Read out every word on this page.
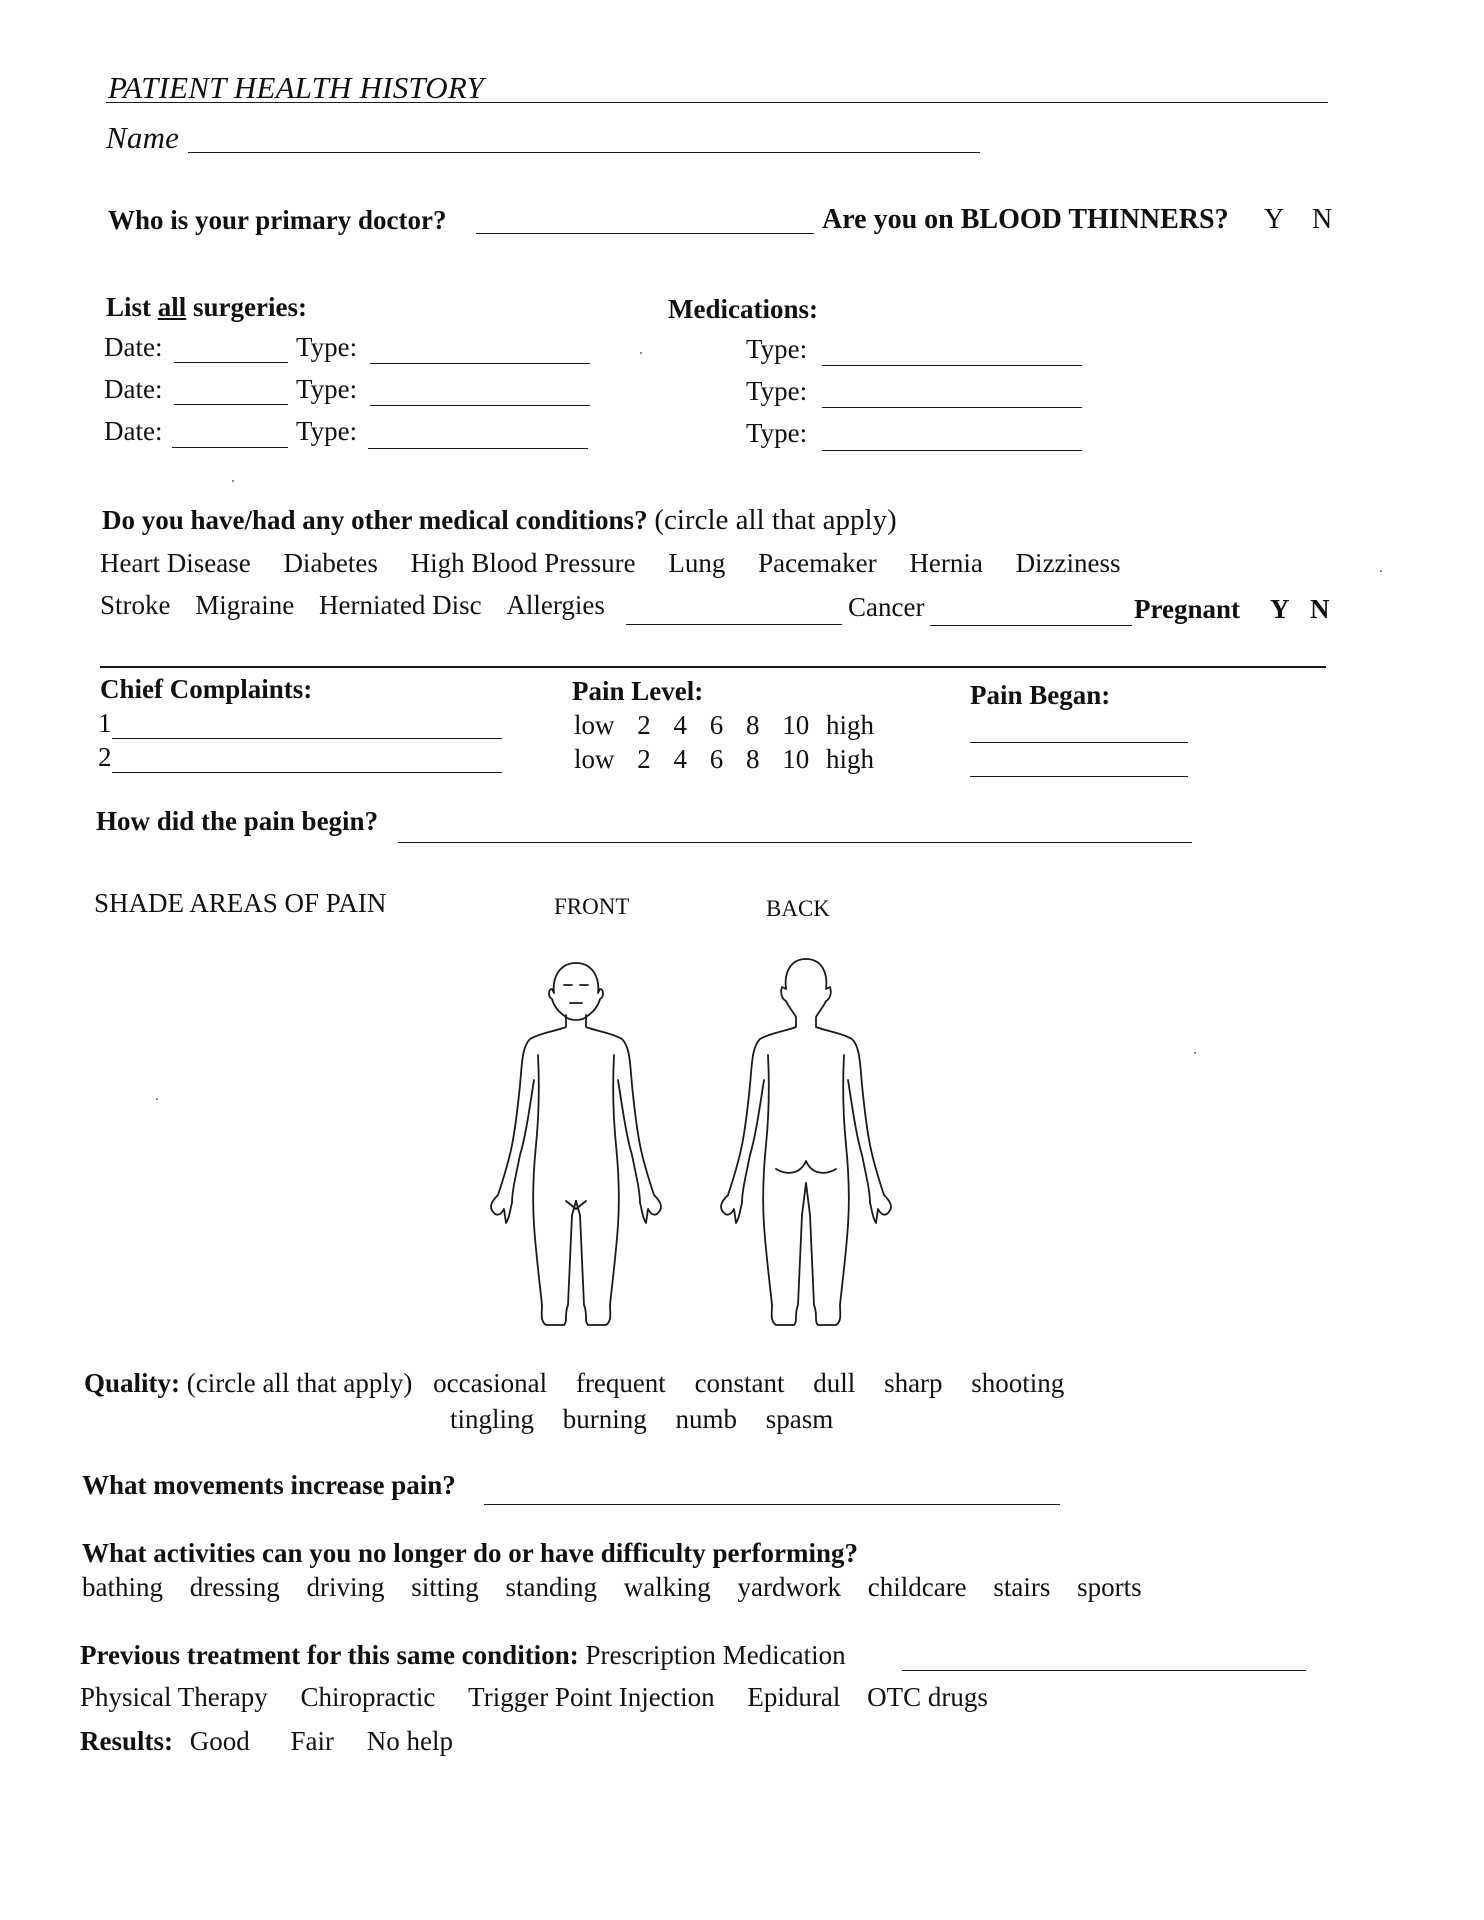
PATIENT HEALTH HISTORY
Name
Who is your primary doctor?	Are you on BLOOD THINNERS? Y N
List all surgeries:
Date:	Type:
Date:	Type:
Date:	Type:
Medications:
Type:
Type:
Type:
Do you have/had any other medical conditions? (circle all that apply)
Heart Disease Diabetes High Blood Pressure Lung Pacemaker Hernia Dizziness
Stroke Migraine Herniated Disc Allergies	Cancer	Pregnant Y N
Chief Complaints:
1
2
Pain Level:
low 2 4 6 8 10 high
low 2 4 6 8 10 high
Pain Began:
How did the pain begin?
SHADE AREAS OF PAIN	FRONT	BACK
Quality: (circle all that apply) occasional frequent constant dull sharp shooting
tingling burning numb spasm
What movements increase pain?
What activities can you no longer do or have difficulty performing?
bathing dressing driving sitting standing walking yardwork childcare stairs sports
Previous treatment for this same condition: Prescription Medication
Physical Therapy Chiropractic Trigger Point Injection Epidural OTC drugs
Results: Good Fair No help
